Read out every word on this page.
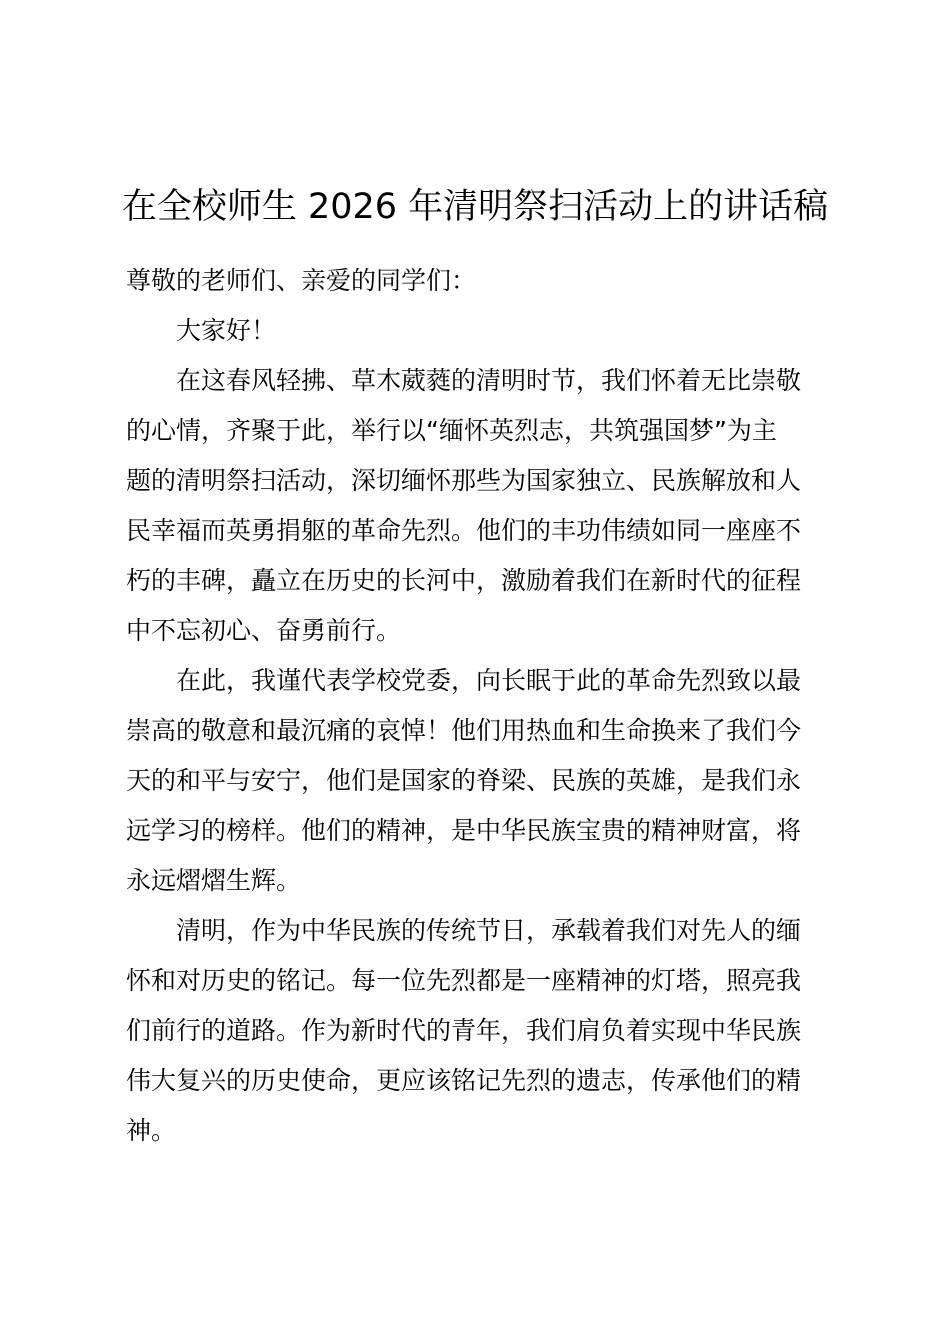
在全校师生 2026 年清明祭扫活动上的讲话稿
尊敬的老师们、亲爱的同学们：
大家好！
在这春风轻拂、草木葳蕤的清明时节，我们怀着无比崇敬
的心情，齐聚于此，举行以“缅怀英烈志，共筑强国梦”为主
题的清明祭扫活动，深切缅怀那些为国家独立、民族解放和人
民幸福而英勇捐躯的革命先烈。他们的丰功伟绩如同一座座不
朽的丰碑，矗立在历史的长河中，激励着我们在新时代的征程
中不忘初心、奋勇前行。
在此，我谨代表学校党委，向长眠于此的革命先烈致以最
崇高的敬意和最沉痛的哀悼！他们用热血和生命换来了我们今
天的和平与安宁，他们是国家的脊梁、民族的英雄，是我们永
远学习的榜样。他们的精神，是中华民族宝贵的精神财富，将
永远熠熠生辉。
清明，作为中华民族的传统节日，承载着我们对先人的缅
怀和对历史的铭记。每一位先烈都是一座精神的灯塔，照亮我
们前行的道路。作为新时代的青年，我们肩负着实现中华民族
伟大复兴的历史使命，更应该铭记先烈的遗志，传承他们的精
神。
